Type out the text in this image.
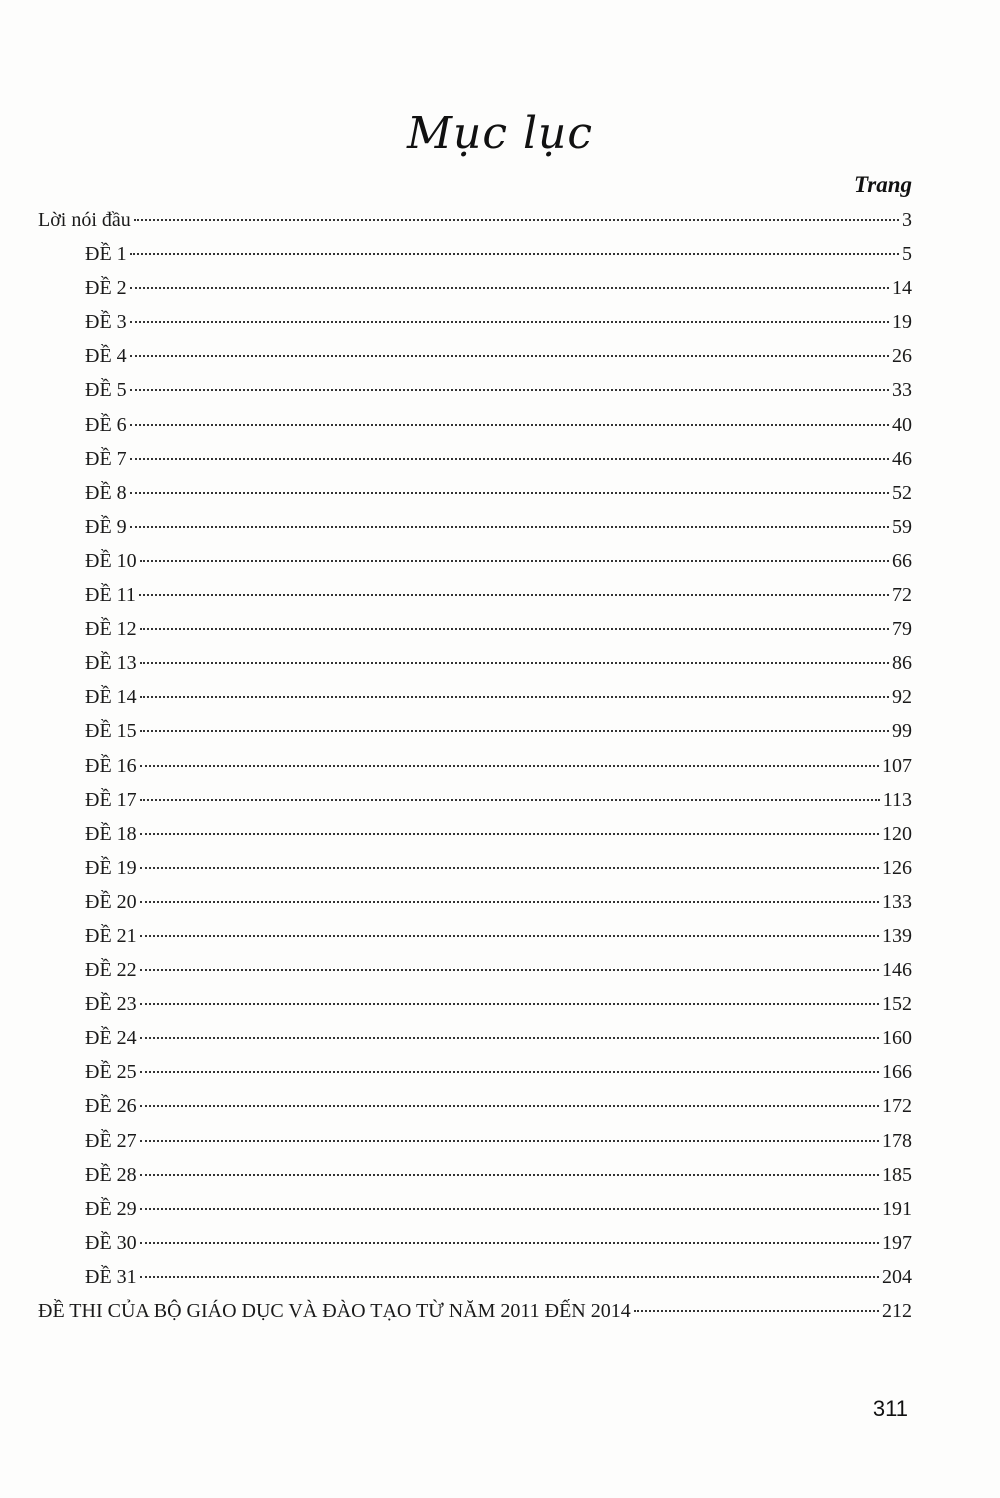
Mục lục
Trang
Lời nói đầu	3
ĐỀ 1	5
ĐỀ 2	14
ĐỀ 3	19
ĐỀ 4	26
ĐỀ 5	33
ĐỀ 6	40
ĐỀ 7	46
ĐỀ 8	52
ĐỀ 9	59
ĐỀ 10	66
ĐỀ 11	72
ĐỀ 12	79
ĐỀ 13	86
ĐỀ 14	92
ĐỀ 15	99
ĐỀ 16	107
ĐỀ 17	113
ĐỀ 18	120
ĐỀ 19	126
ĐỀ 20	133
ĐỀ 21	139
ĐỀ 22	146
ĐỀ 23	152
ĐỀ 24	160
ĐỀ 25	166
ĐỀ 26	172
ĐỀ 27	178
ĐỀ 28	185
ĐỀ 29	191
ĐỀ 30	197
ĐỀ 31	204
ĐỀ THI CỦA BỘ GIÁO DỤC VÀ ĐÀO TẠO TỪ NĂM 2011 ĐẾN 2014	212
311
